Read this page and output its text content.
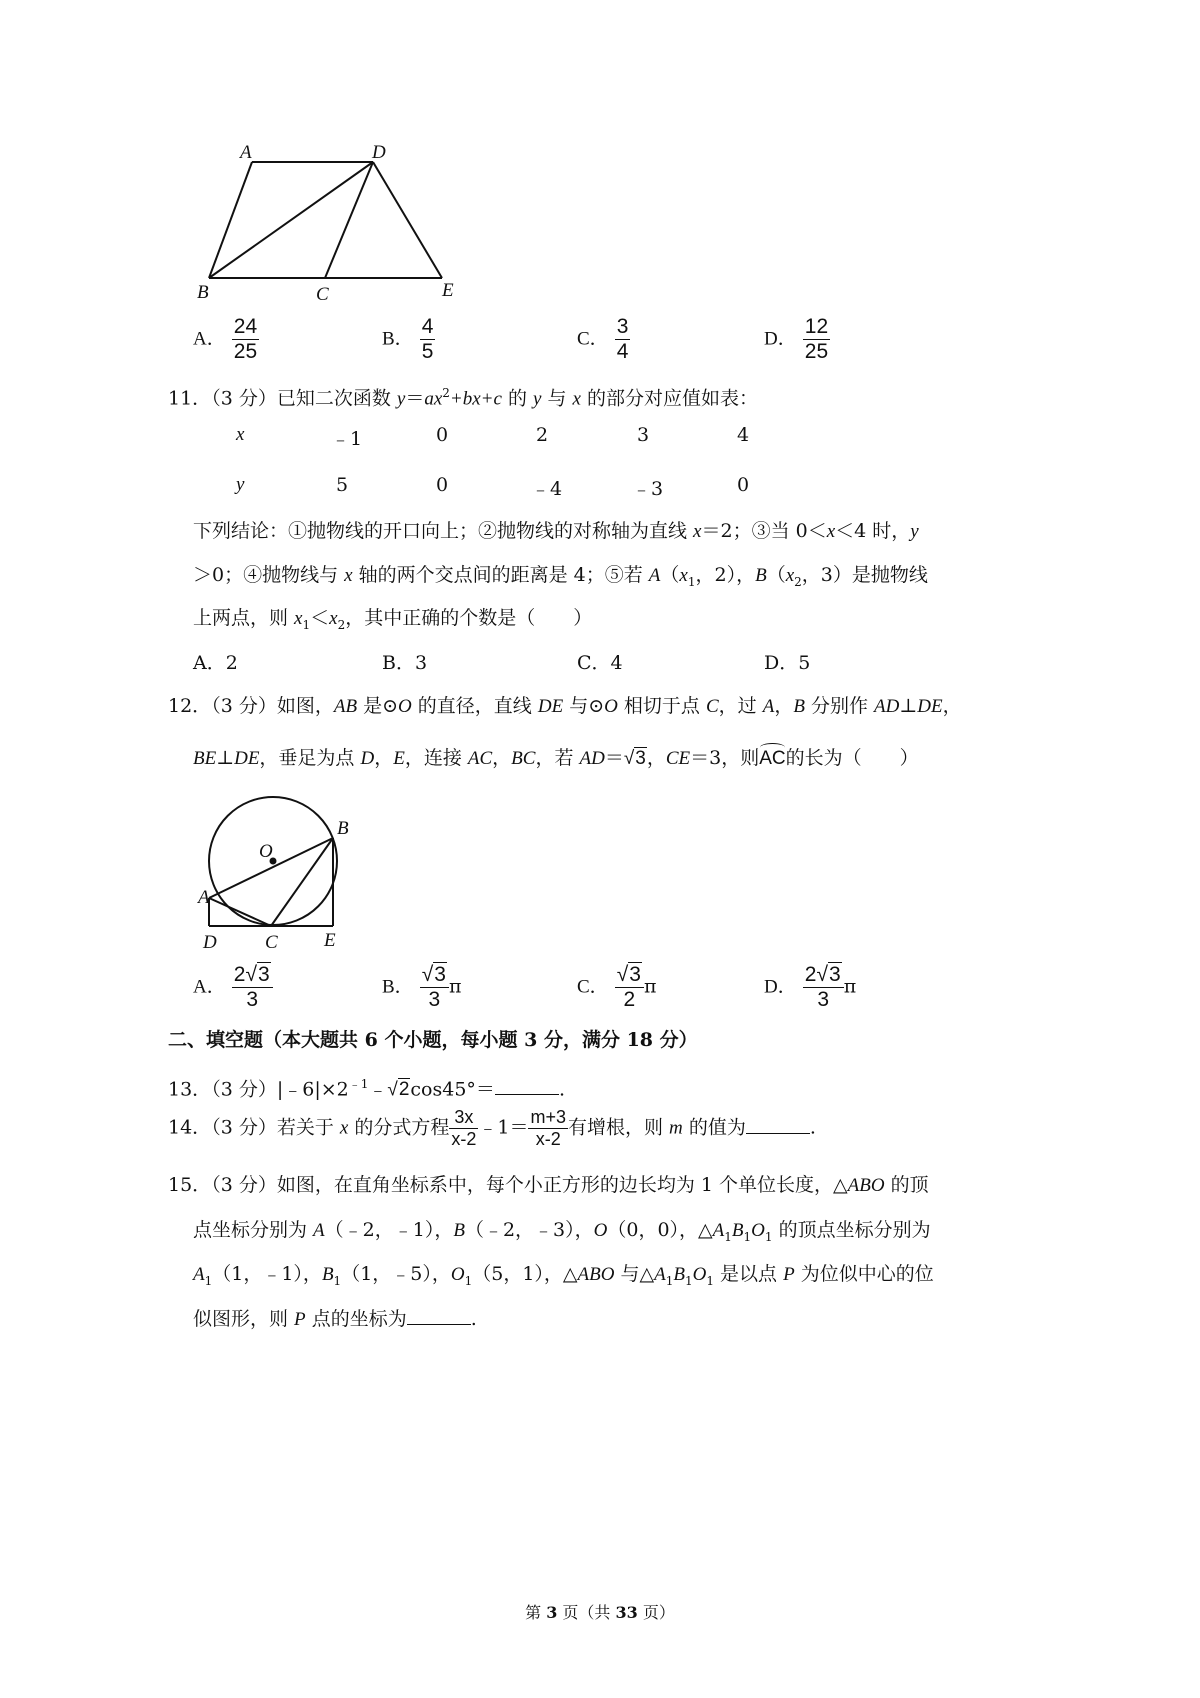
A	D
B	C	E
A． $\frac{24}{25}$	B． $\frac{4}{5}$	C． $\frac{3}{4}$	D． $\frac{12}{25}$
11．（3 分）已知二次函数 $y=ax^2+bx+c$ 的 y 与 x 的部分对应值如表：
x	﹣1	0	2	3	4
y	5	0	﹣4	﹣3	0
下列结论：①抛物线的开口向上；②抛物线的对称轴为直线 x＝2；③当 0＜x＜4 时，y
＞0；④抛物线与 x 轴的两个交点间的距离是 4；⑤若 $A(x_1$，2），$B(x_2$，3）是抛物线
上两点，则 $x_1<x_2$，其中正确的个数是（　　）
A．2	B．3	C．4	D．5
12．（3 分）如图，AB 是⊙O 的直径，直线 DE 与⊙O 相切于点 C，过 A，B 分别作 AD⊥DE，
BE⊥DE，垂足为点 D，E，连接 AC，BC，若 AD＝√3，CE＝3，则AC的长为（　　）
O
B
A
D	C E
A． $\frac{2√3}{3}$	B． $\frac{√3}{3}$ π	C． $\frac{√3}{2}$ π	D． $\frac{2√3}{3}$ π
二、填空题（本大题共 6 个小题，每小题 3 分，满分 18 分）
13．（3 分）$|﹣6|\times 2^{﹣1}﹣√2\cos 45^\circ=$	.
14．（3 分）若关于 x 的分式方程 $\frac{3x}{x-2}$ ﹣1＝ $\frac{m+3}{x-2}$ 有增根，则 m 的值为	.
15．（3 分）如图，在直角坐标系中，每个小正方形的边长均为 1 个单位长度，△ABO 的顶
点坐标分别为 A（﹣2，﹣1），B（﹣2，﹣3），O（0，0），$\triangle A_1B_1O_1$ 的顶点坐标分别为
$A_1(1$，﹣1），$B_1(1$，﹣5），$O_1(5$，1），△ABO 与$\triangle A_1B_1O_1$ 是以点 P 为位似中心的位
似图形，则 P 点的坐标为	.
第 3 页（共 33 页）
